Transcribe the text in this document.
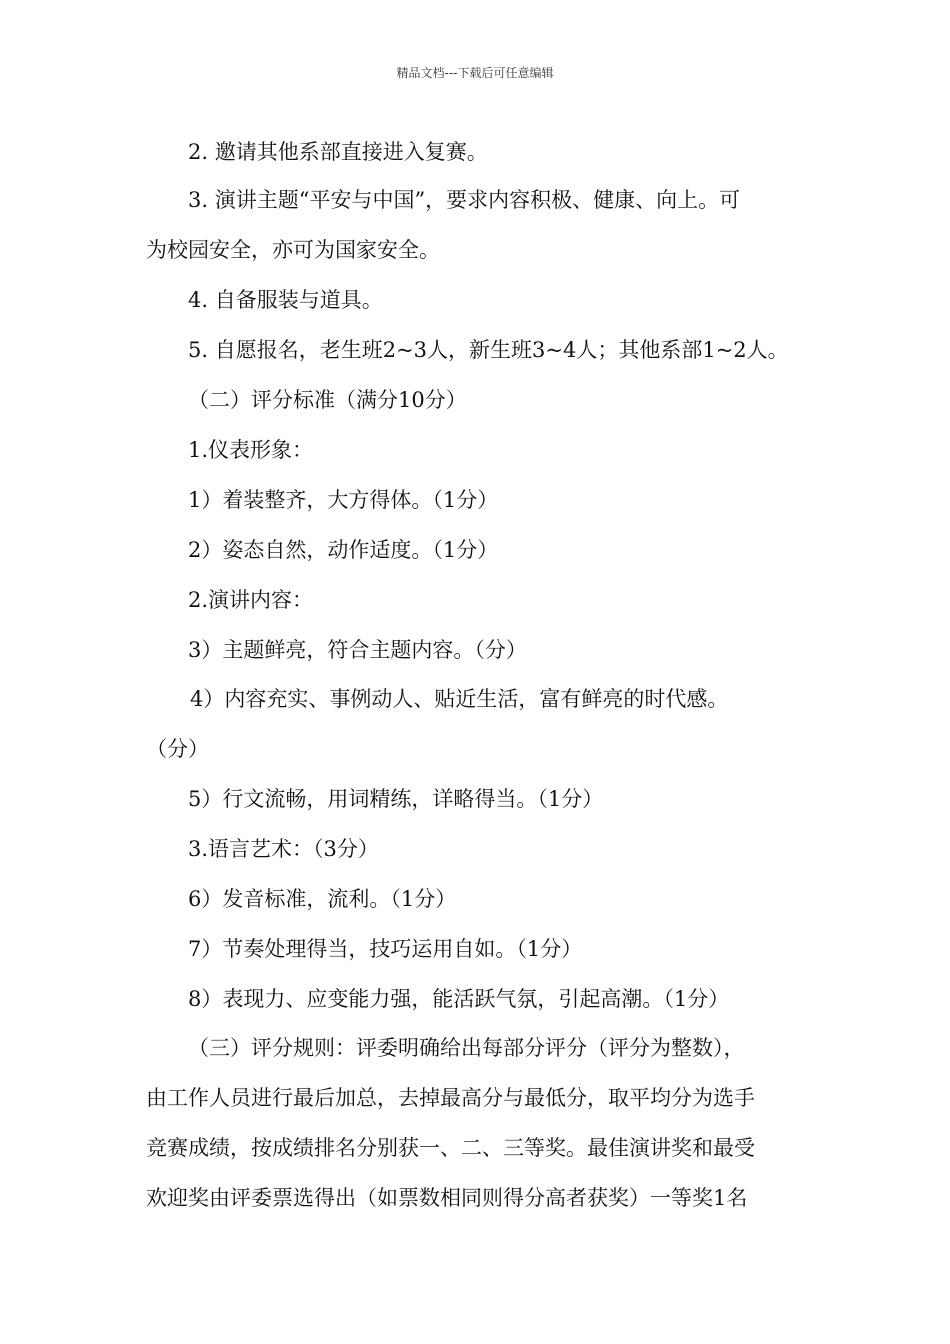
精品文档---下载后可任意编辑
2. 邀请其他系部直接进入复赛。
3. 演讲主题“平安与中国”，要求内容积极、健康、向上。可
为校园安全，亦可为国家安全。
4. 自备服装与道具。
5. 自愿报名，老生班2~3人，新生班3~4人；其他系部1~2人。
（二）评分标准（满分10分）
1.仪表形象：
1）着装整齐，大方得体。（1分）
2）姿态自然，动作适度。（1分）
2.演讲内容：
3）主题鲜亮，符合主题内容。（分）
4）内容充实、事例动人、贴近生活，富有鲜亮的时代感。
（分）
5）行文流畅，用词精练，详略得当。（1分）
3.语言艺术：（3分）
6）发音标准，流利。（1分）
7）节奏处理得当，技巧运用自如。（1分）
8）表现力、应变能力强，能活跃气氛，引起高潮。（1分）
（三）评分规则：评委明确给出每部分评分（评分为整数），
由工作人员进行最后加总，去掉最高分与最低分，取平均分为选手
竞赛成绩，按成绩排名分别获一、二、三等奖。最佳演讲奖和最受
欢迎奖由评委票选得出（如票数相同则得分高者获奖）一等奖1名
